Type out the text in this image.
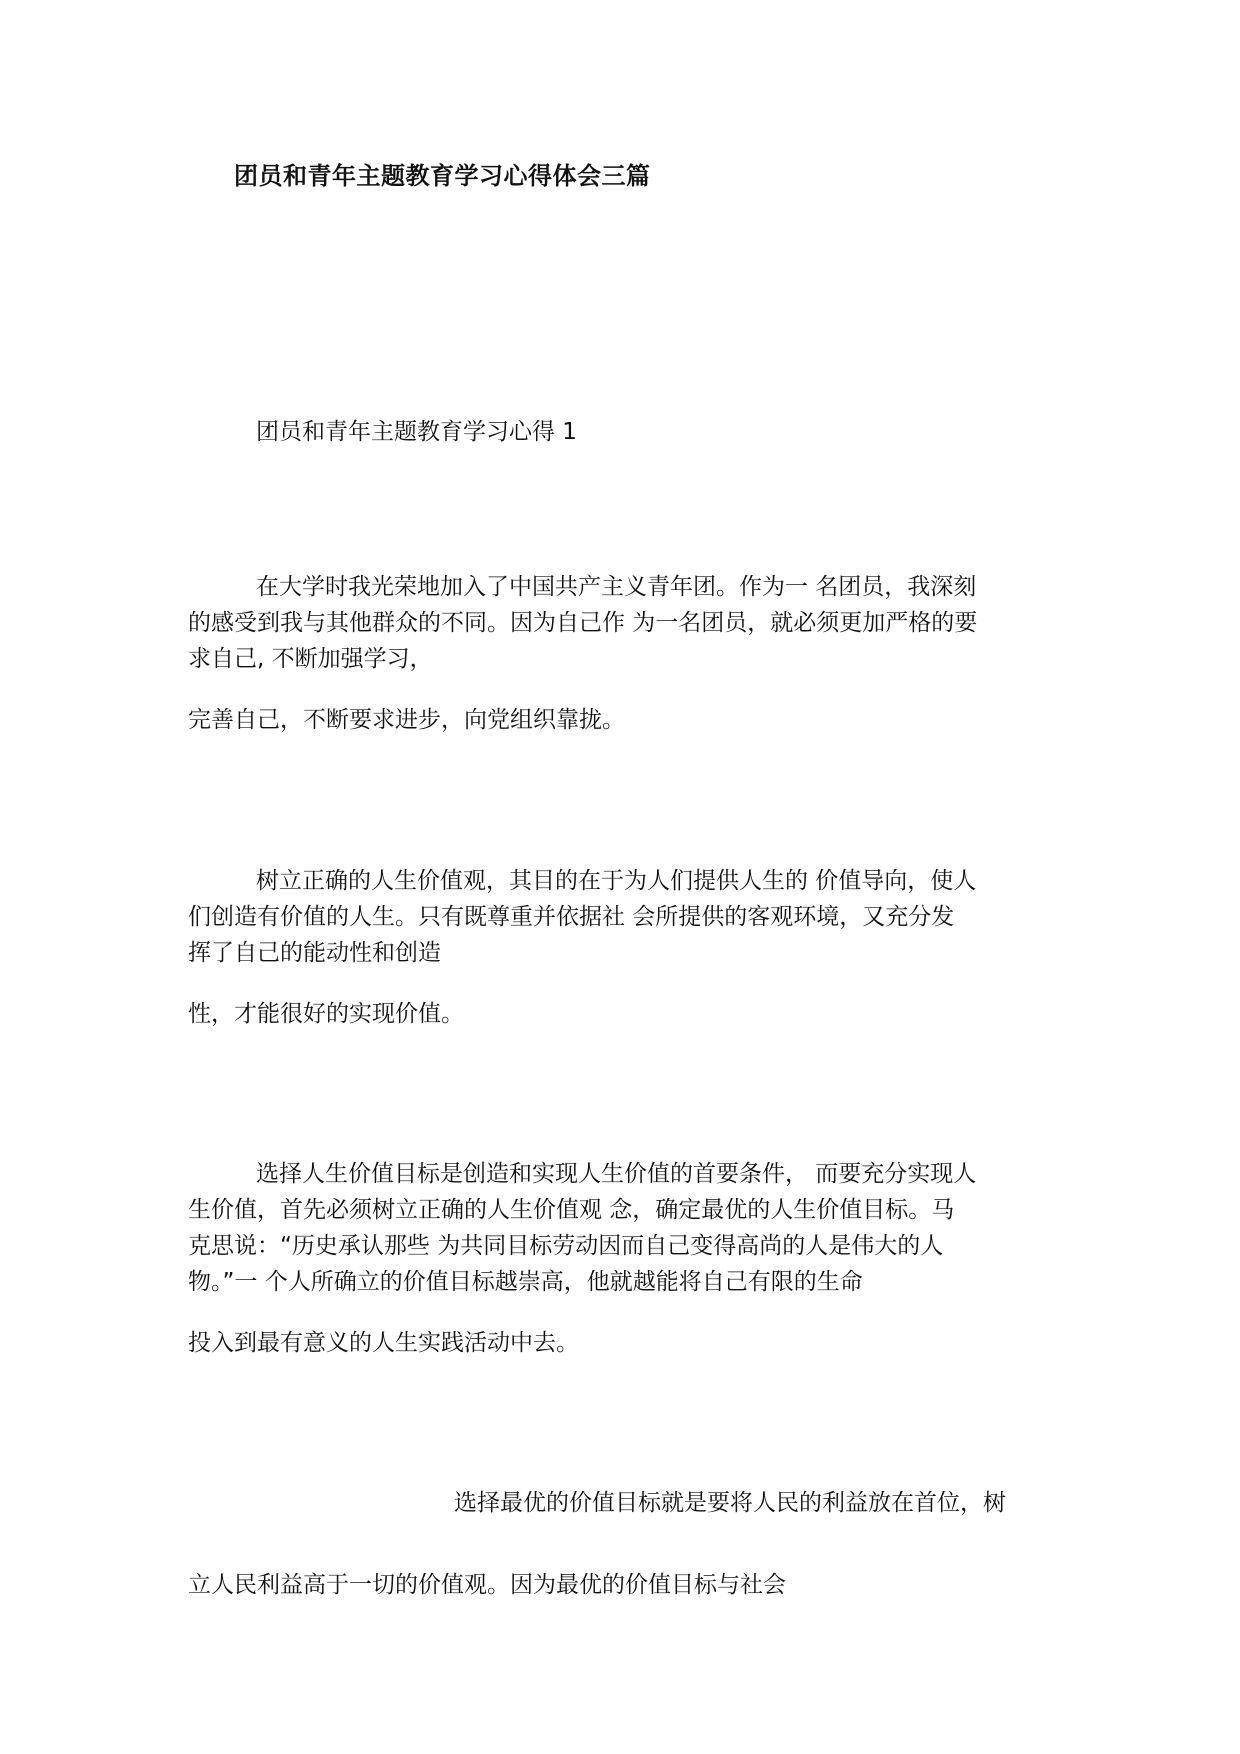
团员和青年主题教育学习心得体会三篇
团员和青年主题教育学习心得 1
在大学时我光荣地加入了中国共产主义青年团。作为一 名团员，我深刻
的感受到我与其他群众的不同。因为自己作 为一名团员，就必须更加严格的要
求自己, 不断加强学习，
完善自己，不断要求进步，向党组织靠拢。
树立正确的人生价值观，其目的在于为人们提供人生的 价值导向，使人
们创造有价值的人生。只有既尊重并依据社 会所提供的客观环境，又充分发
挥了自己的能动性和创造
性，才能很好的实现价值。
选择人生价值目标是创造和实现人生价值的首要条件， 而要充分实现人
生价值，首先必须树立正确的人生价值观 念，确定最优的人生价值目标。马
克思说：“历史承认那些 为共同目标劳动因而自己变得高尚的人是伟大的人
物。”一 个人所确立的价值目标越崇高，他就越能将自己有限的生命
投入到最有意义的人生实践活动中去。
选择最优的价值目标就是要将人民的利益放在首位，树
立人民利益高于一切的价值观。因为最优的价值目标与社会
